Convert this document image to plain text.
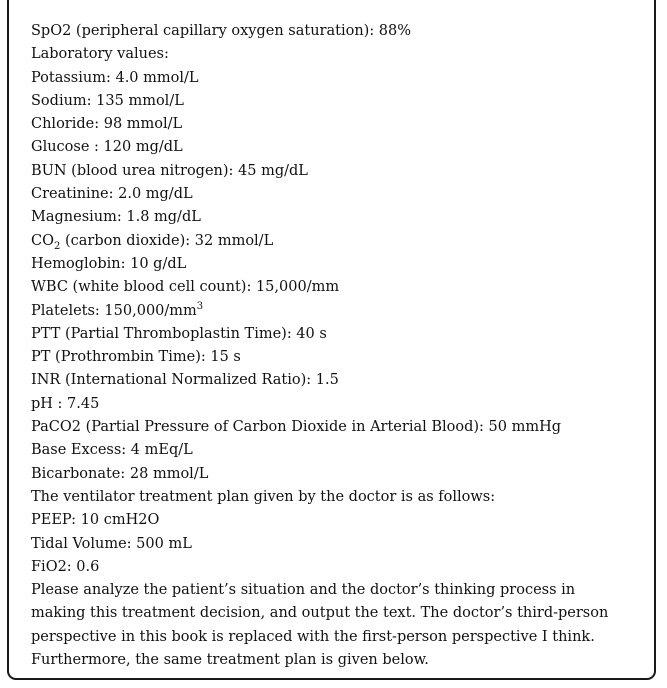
SpO2 (peripheral capillary oxygen saturation): 88%
Laboratory values:
Potassium: 4.0 mmol/L
Sodium: 135 mmol/L
Chloride: 98 mmol/L
Glucose : 120 mg/dL
BUN (blood urea nitrogen): 45 mg/dL
Creatinine: 2.0 mg/dL
Magnesium: 1.8 mg/dL
$CO_2$ (carbon dioxide): 32 mmol/L
Hemoglobin: 10 g/dL
WBC (white blood cell count): 15,000/mm
Platelets: $150,000/mm^3$
PTT (Partial Thromboplastin Time): 40 s
PT (Prothrombin Time): 15 s
INR (International Normalized Ratio): 1.5
pH : 7.45
PaCO2 (Partial Pressure of Carbon Dioxide in Arterial Blood): 50 mmHg
Base Excess: 4 mEq/L
Bicarbonate: 28 mmol/L
The ventilator treatment plan given by the doctor is as follows:
PEEP: 10 cmH2O
Tidal Volume: 500 mL
FiO2: 0.6
Please analyze the patient’s situation and the doctor’s thinking process in making this treatment decision, and output the text. The doctor’s third-person perspective in this book is replaced with the first-person perspective I think. Furthermore, the same treatment plan is given below.
